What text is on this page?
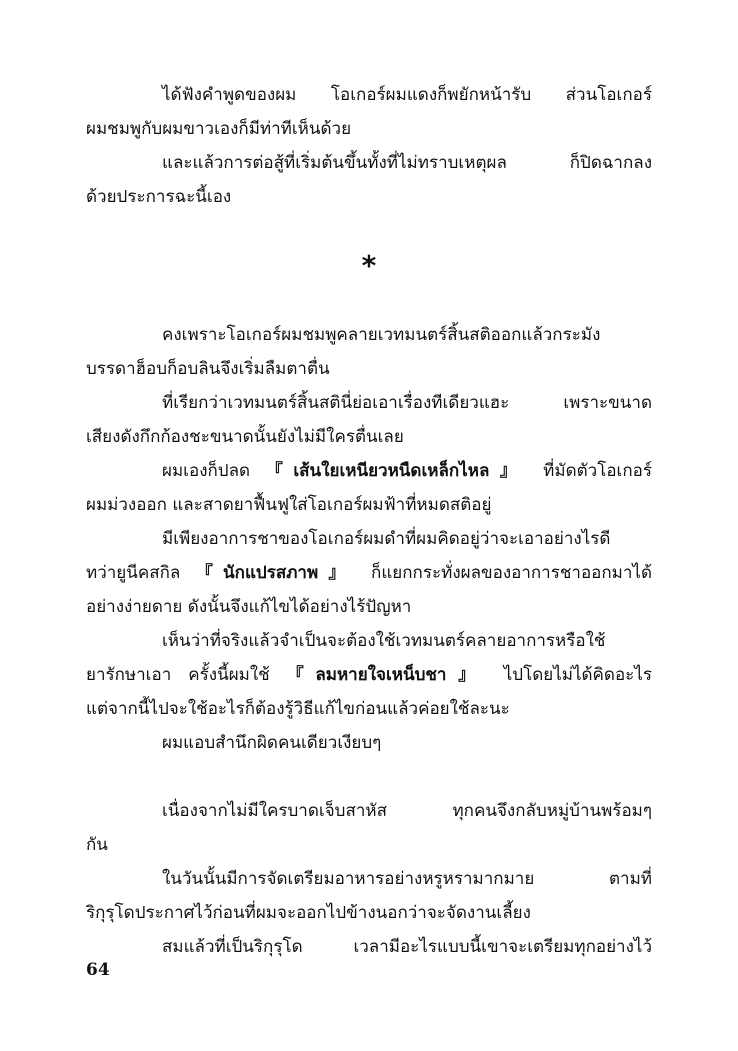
ได้ฟังคำพูดของผม โอเกอร์ผมแดงก็พยักหน้ารับ ส่วนโอเกอร์
ผมชมพูกับผมขาวเองก็มีท่าทีเห็นด้วย
และแล้วการต่อสู้ที่เริ่มต้นขึ้นทั้งที่ไม่ทราบเหตุผล ก็ปิดฉากลง
ด้วยประการฉะนี้เอง
*
คงเพราะโอเกอร์ผมชมพูคลายเวทมนตร์สิ้นสติออกแล้วกระมัง
บรรดาฮ็อบก็อบลินจึงเริ่มลืมตาตื่น
ที่เรียกว่าเวทมนตร์สิ้นสตินี่ย่อเอาเรื่องทีเดียวแฮะ เพราะขนาด
เสียงดังกึกก้องชะขนาดนั้นยังไม่มีใครตื่นเลย
ผมเองก็ปลด 『เส้นใยเหนียวหนืดเหล็กไหล』 ที่มัดตัวโอเกอร์
ผมม่วงออก และสาดยาฟื้นฟูใส่โอเกอร์ผมฟ้าที่หมดสติอยู่
มีเพียงอาการชาของโอเกอร์ผมดำที่ผมคิดอยู่ว่าจะเอาอย่างไรดี
ทว่ายูนีคสกิล 『นักแปรสภาพ』 ก็แยกกระทั่งผลของอาการชาออกมาได้
อย่างง่ายดาย ดังนั้นจึงแก้ไขได้อย่างไร้ปัญหา
เห็นว่าที่จริงแล้วจำเป็นจะต้องใช้เวทมนตร์คลายอาการหรือใช้
ยารักษาเอา ครั้งนี้ผมใช้ 『ลมหายใจเหน็บชา』 ไปโดยไม่ได้คิดอะไร
แต่จากนี้ไปจะใช้อะไรก็ต้องรู้วิธีแก้ไขก่อนแล้วค่อยใช้ละนะ
ผมแอบสำนึกผิดคนเดียวเงียบๆ
เนื่องจากไม่มีใครบาดเจ็บสาหัส ทุกคนจึงกลับหมู่บ้านพร้อมๆ
กัน
ในวันนั้นมีการจัดเตรียมอาหารอย่างหรูหรามากมาย ตามที่
ริกุรุโดประกาศไว้ก่อนที่ผมจะออกไปข้างนอกว่าจะจัดงานเลี้ยง
สมแล้วที่เป็นริกุรุโด เวลามีอะไรแบบนี้เขาจะเตรียมทุกอย่างไว้
64
